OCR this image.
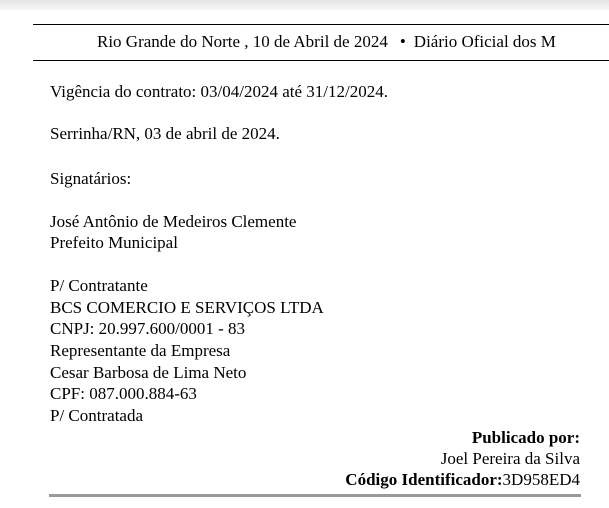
Rio Grande do Norte , 10 de Abril de 2024 • Diário Oficial dos M
Vigência do contrato: 03/04/2024 até 31/12/2024.
Serrinha/RN, 03 de abril de 2024.
Signatários:
José Antônio de Medeiros Clemente
Prefeito Municipal
P/ Contratante
BCS COMERCIO E SERVIÇOS LTDA
CNPJ: 20.997.600/0001 - 83
Representante da Empresa
Cesar Barbosa de Lima Neto
CPF: 087.000.884-63
P/ Contratada
Publicado por:
Joel Pereira da Silva
Código Identificador:3D958ED4
